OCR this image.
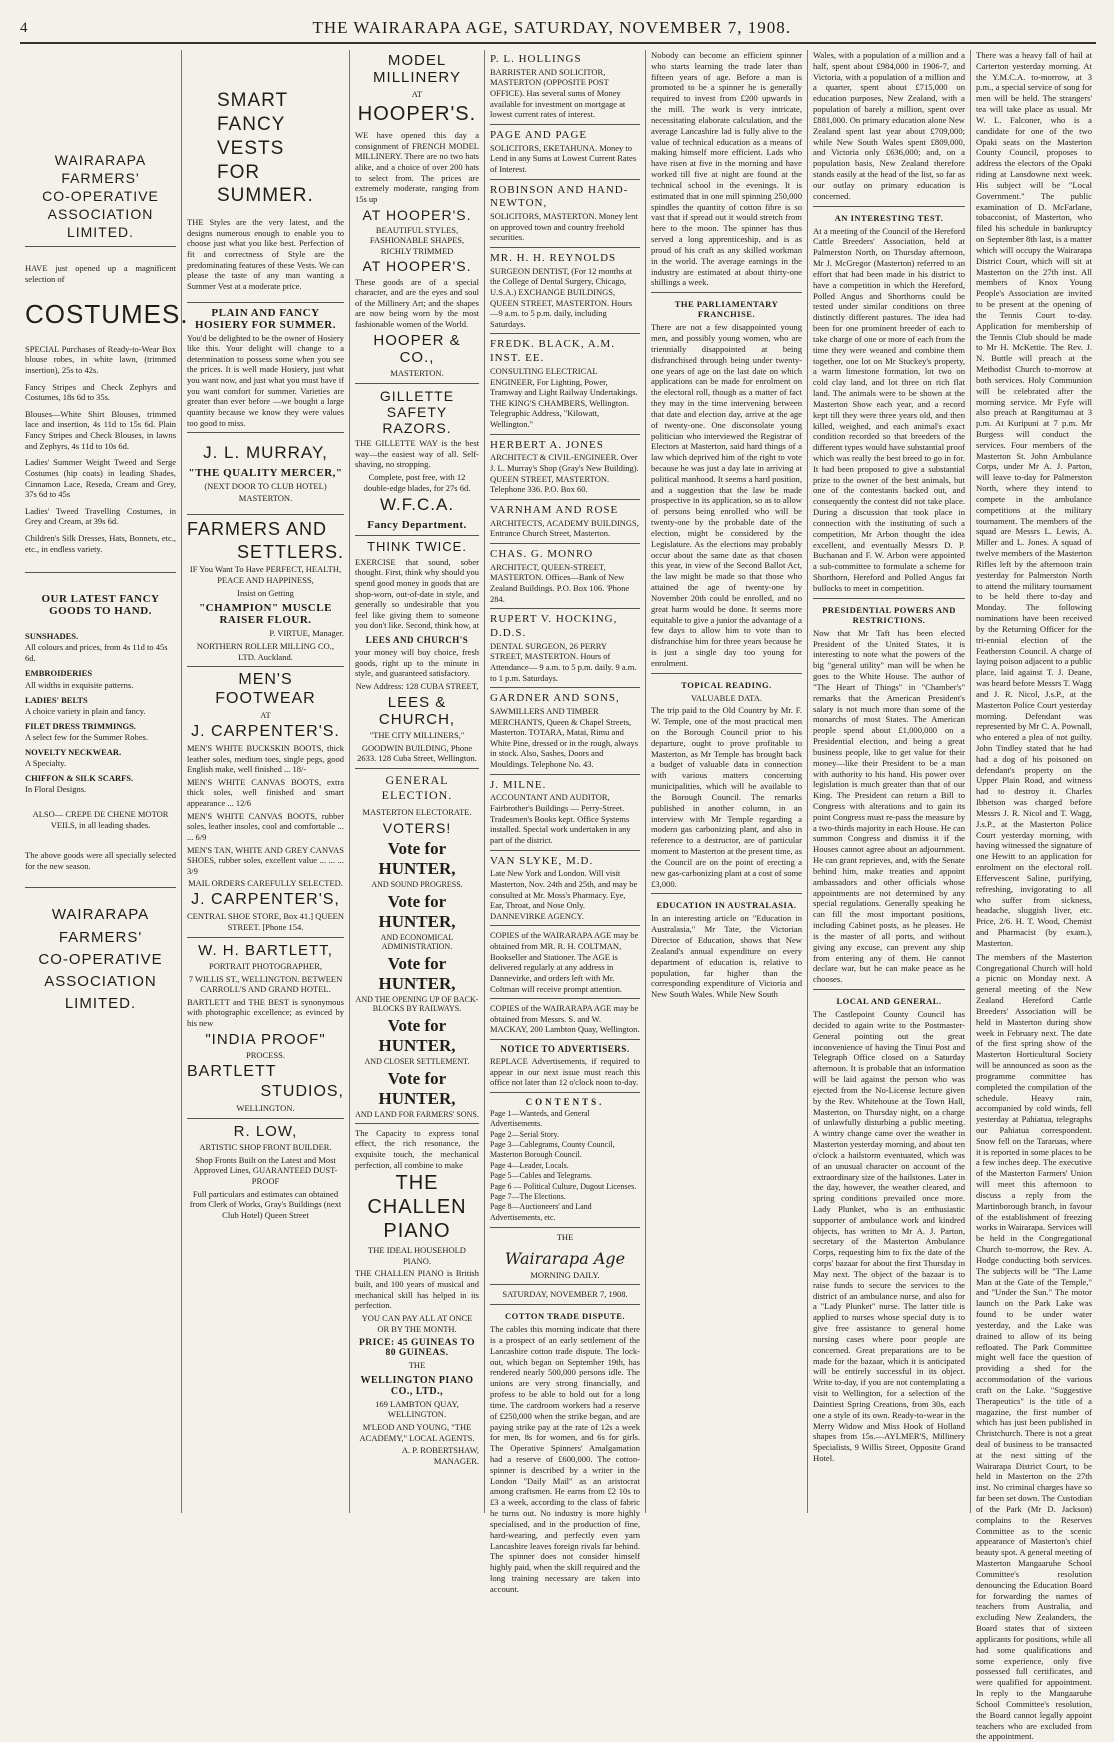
4	THE WAIRARAPA AGE, SATURDAY, NOVEMBER 7, 1908.
WAIRARAPA
FARMERS'
CO-OPERATIVE
ASSOCIATION
LIMITED.
HAVE just opened up a magnificent selection of
COSTUMES.
SPECIAL Purchases of Ready-to-Wear Box blouse robes, in white lawn, (trimmed insertion), 25s to 42s.
Fancy Stripes and Check Zephyrs and Costumes, 18s 6d to 35s.
Blouses—White Shirt Blouses, trimmed lace and insertion, 4s 11d to 15s 6d. Plain Fancy Stripes and Check Blouses, in lawns and Zephyrs, 4s 11d to 10s 6d.
Ladies' Summer Weight Tweed and Serge Costumes (hip coats) in leading Shades, Cinnamon Lace, Reseda, Cream and Grey, 37s 6d to 45s
Ladies' Tweed Travelling Costumes, in Grey and Cream, at 39s 6d.
Children's Silk Dresses, Hats, Bonnets, etc., etc., in endless variety.
OUR LATEST FANCY GOODS TO HAND.
SUNSHADES.
All colours and prices, from 4s 11d to 45s 6d.
EMBROIDERIES
All widths in exquisite patterns.
LADIES' BELTS
A choice variety in plain and fancy.
FILET DRESS TRIMMINGS.
A select few for the Summer Robes.
NOVELTY NECKWEAR.
A Specialty.
CHIFFON & SILK SCARFS.
In Floral Designs.
ALSO— CREPE DE CHENE MOTOR VEILS, in all leading shades.
The above goods were all specially selected for the new season.
WAIRARAPA
FARMERS'
CO-OPERATIVE
ASSOCIATION
LIMITED.
SMART
FANCY
VESTS
FOR
SUMMER.
THE Styles are the very latest, and the designs numerous enough to enable you to choose just what you like best. Perfection of fit and correctness of Style are the predominating features of these Vests. We can please the taste of any man wanting a Summer Vest at a moderate price.
PLAIN AND FANCY HOSIERY FOR SUMMER.
You'd be delighted to be the owner of Hosiery like this. Your delight will change to a determination to possess some when you see the prices. It is well made Hosiery, just what you want now, and just what you must have if you want comfort for summer. Varieties are greater than ever before —we bought a large quantity because we know they were values too good to miss.
J. L. MURRAY,
"THE QUALITY MERCER,"
(NEXT DOOR TO CLUB HOTEL)
MASTERTON.
FARMERS AND
SETTLERS.
IF You Want To Have PERFECT, HEALTH, PEACE AND HAPPINESS,
Insist on Getting
"CHAMPION" MUSCLE RAISER FLOUR.
P. VIRTUE, Manager.
NORTHERN ROLLER MILLING CO., LTD. Auckland.
MEN'S FOOTWEAR
AT
J. CARPENTER'S.
MEN'S WHITE BUCKSKIN BOOTS, thick leather soles, medium toes, single pegs, good English make, well finished ... 18/-
MEN'S WHITE CANVAS BOOTS, extra thick soles, well finished and smart appearance ... 12/6
MEN'S WHITE CANVAS BOOTS, rubber soles, leather insoles, cool and comfortable ... ... 6/9
MEN'S TAN, WHITE AND GREY CANVAS SHOES, rubber soles, excellent value ... ... ... 3/9
MAIL ORDERS CAREFULLY SELECTED.
J. CARPENTER'S,
CENTRAL SHOE STORE, Box 41.] QUEEN STREET. [Phone 154.
W. H. BARTLETT,
PORTRAIT PHOTOGRAPHER,
7 WILLIS ST., WELLINGTON. BETWEEN CARROLL'S AND GRAND HOTEL.
BARTLETT and THE BEST is synonymous with photographic excellence; as evinced by his new
"INDIA PROOF"
PROCESS.
BARTLETT
STUDIOS,
WELLINGTON.
R. LOW,
ARTISTIC SHOP FRONT BUILDER.
Shop Fronts Built on the Latest and Most Approved Lines, GUARANTEED DUST-PROOF
Full particulars and estimates can obtained from Clerk of Works, Gray's Buildings (next Club Hotel) Queen Street
MODEL MILLINERY
AT
HOOPER'S.
WE have opened this day a consignment of FRENCH MODEL MILLINERY. There are no two hats alike, and a choice of over 200 hats to select from. The prices are extremely moderate, ranging from 15s up
AT HOOPER'S.
BEAUTIFUL STYLES, FASHIONABLE SHAPES, RICHLY TRIMMED
AT HOOPER'S.
These goods are of a special character, and are the eyes and soul of the Millinery Art; and the shapes are now being worn by the most fashionable women of the World.
HOOPER & CO.,
MASTERTON.
GILLETTE SAFETY RAZORS.
THE GILLETTE WAY is the best way—the easiest way of all. Self-shaving, no stropping.
Complete, post free, with 12 double-edge blades, for 27s 6d.
W.F.C.A.
Fancy Department.
THINK TWICE.
EXERCISE that sound, sober thought. First, think why should you spend good money in goods that are shop-worn, out-of-date in style, and generally so undesirable that you feel like giving them to someone you don't like. Second, think how, at
LEES AND CHURCH'S
your money will buy choice, fresh goods, right up to the minute in style, and guaranteed satisfactory.
New Address: 128 CUBA STREET,
LEES & CHURCH,
"THE CITY MILLINERS,"
GOODWIN BUILDING, Phone 2633. 128 Cuba Street, Wellington.
GENERAL ELECTION.
MASTERTON ELECTORATE.
VOTERS!
Vote for HUNTER,
AND SOUND PROGRESS.
Vote for HUNTER,
AND ECONOMICAL ADMINISTRATION.
Vote for HUNTER,
AND THE OPENING UP OF BACK-BLOCKS BY RAILWAYS.
Vote for HUNTER,
AND CLOSER SETTLEMENT.
Vote for HUNTER,
AND LAND FOR FARMERS' SONS.
The Capacity to express tonal effect, the rich resonance, the exquisite touch, the mechanical perfection, all combine to make
THE
CHALLEN
PIANO
THE IDEAL HOUSEHOLD PIANO.
THE CHALLEN PIANO is British built, and 100 years of musical and mechanical skill has helped in its perfection.
YOU CAN PAY ALL AT ONCE OR BY THE MONTH.
PRICE: 45 GUINEAS TO 80 GUINEAS.
THE
WELLINGTON PIANO CO., LTD.,
169 LAMBTON QUAY, WELLINGTON.
M'LEOD AND YOUNG, "THE ACADEMY," LOCAL AGENTS.
A. P. ROBERTSHAW, MANAGER.
P. L. HOLLINGS
BARRISTER AND SOLICITOR, MASTERTON (OPPOSITE POST OFFICE). Has several sums of Money available for investment on mortgage at lowest current rates of interest.
PAGE AND PAGE
SOLICITORS, EKETAHUNA. Money to Lend in any Sums at Lowest Current Rates of Interest.
ROBINSON AND HAND-NEWTON,
SOLICITORS, MASTERTON. Money lent on approved town and country freehold securities.
MR. H. H. REYNOLDS
SURGEON DENTIST, (For 12 months at the College of Dental Surgery, Chicago, U.S.A.) EXCHANGE BUILDINGS, QUEEN STREET, MASTERTON. Hours—9 a.m. to 5 p.m. daily, including Saturdays.
FREDK. BLACK, A.M. INST. EE.
CONSULTING ELECTRICAL ENGINEER, For Lighting, Power, Tramway and Light Railway Undertakings. THE KING'S CHAMBERS, Wellington. Telegraphic Address, "Kilowatt, Wellington."
HERBERT A. JONES
ARCHITECT & CIVIL-ENGINEER. Over J. L. Murray's Shop (Gray's New Building). QUEEN STREET, MASTERTON. Telephone 336. P.O. Box 60.
VARNHAM AND ROSE
ARCHITECTS, ACADEMY BUILDINGS, Entrance Church Street, Masterton.
CHAS. G. MONRO
ARCHITECT, QUEEN-STREET, MASTERTON. Offices—Bank of New Zealand Buildings. P.O. Box 106. 'Phone 284.
RUPERT V. HOCKING, D.D.S.
DENTAL SURGEON, 26 PERRY STREET, MASTERTON. Hours of Attendance— 9 a.m. to 5 p.m. daily. 9 a.m. to 1 p.m. Saturdays.
GARDNER AND SONS,
SAWMILLERS AND TIMBER MERCHANTS, Queen & Chapel Streets, Masterton. TOTARA, Matai, Rimu and White Pine, dressed or in the rough, always in stock. Also, Sashes, Doors and Mouldings. Telephone No. 43.
J. MILNE.
ACCOUNTANT AND AUDITOR, Fairbrother's Buildings — Perry-Street. Tradesmen's Books kept. Office Systems installed. Special work undertaken in any part of the district.
VAN SLYKE, M.D.
Late New York and London. Will visit Masterton, Nov. 24th and 25th, and may be consulted at Mr. Moss's Pharmacy. Eye, Ear, Throat, and Nose Only. DANNEVIRKE AGENCY.
COPIES of the WAIRARAPA AGE may be obtained from MR. R. H. COLTMAN, Bookseller and Stationer. The AGE is delivered regularly at any address in Dannevirke, and orders left with Mr. Coltman will receive prompt attention.
COPIES of the WAIRARAPA AGE may be obtained from Messrs. S. and W. MACKAY, 200 Lambton Quay, Wellington.
NOTICE TO ADVERTISERS.
REPLACE Advertisements, if required to appear in our next issue must reach this office not later than 12 o'clock noon to-day.
CONTENTS.
Page 1—Wanteds, and General Advertisements.
Page 2—Serial Story.
Page 3—Cablegrams, County Council, Masterton Borough Council.
Page 4—Leader, Locals.
Page 5—Cables and Telegrams.
Page 6 — Political Culture, Dugout Licenses.
Page 7—The Elections.
Page 8—Auctioneers' and Land Advertisements, etc.
THE
Wairarapa Age
MORNING DAILY.
SATURDAY, NOVEMBER 7, 1908.
COTTON TRADE DISPUTE.
The cables this morning indicate that there is a prospect of an early settlement of the Lancashire cotton trade dispute. The lock-out, which began on September 19th, has rendered nearly 500,000 persons idle. The unions are very strong financially, and profess to be able to hold out for a long time. The cardroom workers had a reserve of £250,000 when the strike began, and are paying strike pay at the rate of 12s a week for men, 8s for women, and 6s for girls. The Operative Spinners' Amalgamation had a reserve of £600,000. The cotton-spinner is described by a writer in the London "Daily Mail" as an aristocrat among craftsmen. He earns from £2 10s to £3 a week, according to the class of fabric he turns out. No industry is more highly specialised, and in the production of fine, hard-wearing, and perfectly even yarn Lancashire leaves foreign rivals far behind. The spinner does not consider himself highly paid, when the skill required and the long training necessary are taken into account.
Nobody can become an efficient spinner who starts learning the trade later than fifteen years of age. Before a man is promoted to be a spinner he is generally required to invest from £200 upwards in the mill. The work is very intricate, necessitating elaborate calculation, and the average Lancashire lad is fully alive to the value of technical education as a means of making himself more efficient. Lads who have risen at five in the morning and have worked till five at night are found at the technical school in the evenings. It is estimated that in one mill spinning 250,000 spindles the quantity of cotton fibre is so vast that if spread out it would stretch from here to the moon. The spinner has thus served a long apprenticeship, and is as proud of his craft as any skilled workman in the world. The average earnings in the industry are estimated at about thirty-one shillings a week.
THE PARLIAMENTARY FRANCHISE.
There are not a few disappointed young men, and possibly young women, who are triennially disappointed at being disfranchised through being under twenty-one years of age on the last date on which applications can be made for enrolment on the electoral roll, though as a matter of fact they may in the time intervening between that date and election day, arrive at the age of twenty-one. One disconsolate young politician who interviewed the Registrar of Electors at Masterton, said hard things of a law which deprived him of the right to vote because he was just a day late in arriving at political manhood. It seems a hard position, and a suggestion that the law be made prospective in its application, so as to allow of persons being enrolled who will be twenty-one by the probable date of the election, might be considered by the Legislature. As the elections may probably occur about the same date as that chosen this year, in view of the Second Ballot Act, the law might be made so that those who attained the age of twenty-one by November 20th could be enrolled, and no great harm would be done. It seems more equitable to give a junior the advantage of a few days to allow him to vote than to disfranchise him for three years because he is just a single day too young for enrolment.
TOPICAL READING.
VALUABLE DATA.
The trip paid to the Old Country by Mr. F. W. Temple, one of the most practical men on the Borough Council prior to his departure, ought to prove profitable to Masterton, as Mr Temple has brought back a budget of valuable data in connection with various matters concerning municipalities, which will be available to the Borough Council. The remarks published in another column, in an interview with Mr Temple regarding a modern gas carbonizing plant, and also in reference to a destructor, are of particular moment to Masterton at the present time, as the Council are on the point of erecting a new gas-carbonizing plant at a cost of some £3,000.
EDUCATION IN AUSTRALASIA.
In an interesting article on "Education in Australasia," Mr Tate, the Victorian Director of Education, shows that New Zealand's annual expenditure on every department of education is, relative to population, far higher than the corresponding expenditure of Victoria and New South Wales. While New South
Wales, with a population of a million and a half, spent about £984,000 in 1906-7, and Victoria, with a population of a million and a quarter, spent about £715,000 on education purposes, New Zealand, with a population of barely a million, spent over £881,000. On primary education alone New Zealand spent last year about £709,000; while New South Wales spent £809,000, and Victoria only £636,000; and, on a population basis, New Zealand therefore stands easily at the head of the list, so far as our outlay on primary education is concerned.
AN INTERESTING TEST.
At a meeting of the Council of the Hereford Cattle Breeders' Association, held at Palmerston North, on Thursday afternoon, Mr J. McGregor (Masterton) referred to an effort that had been made in his district to have a competition in which the Hereford, Polled Angus and Shorthorns could be tested under similar conditions on three distinctly different pastures. The idea had been for one prominent breeder of each to take charge of one or more of each from the time they were weaned and combine them together, one lot on Mr Stuckey's property, a warm limestone formation, lot two on cold clay land, and lot three on rich flat land. The animals were to be shown at the Masterton Show each year, and a record kept till they were three years old, and then killed, weighed, and each animal's exact condition recorded so that breeders of the different types would have substantial proof which was really the best breed to go in for. It had been proposed to give a substantial prize to the owner of the best animals, but one of the contestants backed out, and consequently the contest did not take place. During a discussion that took place in connection with the instituting of such a competition, Mr Arbon thought the idea excellent, and eventually Messrs D. P. Buchanan and F. W. Arbon were appointed a sub-committee to formulate a scheme for Shorthorn, Hereford and Polled Angus fat bullocks to meet in competition.
PRESIDENTIAL POWERS AND RESTRICTIONS.
Now that Mr Taft has been elected President of the United States, it is interesting to note what the powers of the big "general utility" man will be when he goes to the White House. The author of "The Heart of Things" in "Chamber's" remarks that the American President's salary is not much more than some of the monarchs of most States. The American people spend about £1,000,000 on a Presidential election, and being a great business people, like to get value for their money—like their President to be a man with authority to his hand. His power over legislation is much greater than that of our King. The President can return a Bill to Congress with alterations and to gain its point Congress must re-pass the measure by a two-thirds majority in each House. He can summon Congress and dismiss it if the Houses cannot agree about an adjournment. He can grant reprieves, and, with the Senate behind him, make treaties and appoint ambassadors and other officials whose appointments are not determined by any special regulations. Generally speaking he can fill the most important positions, including Cabinet posts, as he pleases. He is the master of all ports, and without giving any excuse, can prevent any ship from entering any of them. He cannot declare war, but he can make peace as he chooses.
LOCAL AND GENERAL.
The Castlepoint County Council has decided to again write to the Postmaster-General pointing out the great inconvenience of having the Tinui Post and Telegraph Office closed on a Saturday afternoon. It is probable that an information will be laid against the person who was ejected from the No-License lecture given by the Rev. Whitehouse at the Town Hall, Masterton, on Thursday night, on a charge of unlawfully disturbing a public meeting. A wintry change came over the weather in Masterton yesterday morning, and about ten o'clock a hailstorm eventuated, which was of an unusual character on account of the extraordinary size of the hailstones. Later in the day, however, the weather cleared, and spring conditions prevailed once more. Lady Plunket, who is an enthusiastic supporter of ambulance work and kindred objects, has written to Mr A. J. Parton, secretary of the Masterton Ambulance Corps, requesting him to fix the date of the corps' bazaar for about the first Thursday in May next. The object of the bazaar is to raise funds to secure the services to the district of an ambulance nurse, and also for a "Lady Plunket" nurse. The latter title is applied to nurses whose special duty is to give free assistance to general home nursing cases where poor people are concerned. Great preparations are to be made for the bazaar, which it is anticipated will be entirely successful in its object. Write to-day, if you are not contemplating a visit to Wellington, for a selection of the Daintiest Spring Creations, from 30s, each one a style of its own. Ready-to-wear in the Merry Widow and Miss Hook of Holland shapes from 15s.—AYLMER'S, Millinery Specialists, 9 Willis Street, Opposite Grand Hotel.
There was a heavy fall of hail at Carterton yesterday morning. At the Y.M.C.A. to-morrow, at 3 p.m., a special service of song for men will be held. The strangers' tea will take place as usual. Mr W. L. Falconer, who is a candidate for one of the two Opaki seats on the Masterton County Council, proposes to address the electors of the Opaki riding at Lansdowne next week. His subject will be "Local Government." The public examination of D. McFarlane, tobacconist, of Masterton, who filed his schedule in bankruptcy on September 8th last, is a matter which will occupy the Wairarapa District Court, which will sit at Masterton on the 27th inst. All members of Knox Young People's Association are invited to be present at the opening of the Tennis Court to-day. Application for membership of the Tennis Club should be made to Mr H. McKettie. The Rev. J. N. Buttle will preach at the Methodist Church to-morrow at both services. Holy Communion will be celebrated after the morning service. Mr Fyfe will also preach at Rangitumau at 3 p.m. At Kuripuni at 7 p.m. Mr Burgess will conduct the services. Four members of the Masterton St. John Ambulance Corps, under Mr A. J. Parton, will leave to-day for Palmerston North, where they intend to compete in the ambulance competitions at the military tournament. The members of the squad are Messrs L. Lewis, A. Miller and L. Jones. A squad of twelve members of the Masterton Rifles left by the afternoon train yesterday for Palmerston North to attend the military tournament to be held there to-day and Monday. The following nominations have been received by the Returning Officer for the tri-ennial election of the Featherston Council. A charge of laying poison adjacent to a public place, laid against T. J. Deane, was heard before Messrs T. Wagg and J. R. Nicol, J.s.P., at the Masterton Police Court yesterday morning. Defendant was represented by Mr C. A. Pownall, who entered a plea of not guilty. John Tindley stated that he had had a dog of his poisoned on defendant's property on the Upper Plain Road, and witness had to destroy it. Charles Ibbetson was charged before Messrs J. R. Nicol and T. Wagg, J.s.P., at the Masterton Police Court yesterday morning, with having witnessed the signature of one Hewitt to an application for enrolment on the electoral roll. Effervescent Saline, purifying, refreshing, invigorating to all who suffer from sickness, headache, sluggish liver, etc. Price, 2/6. H. T. Wood, Chemist and Pharmacist (by exam.), Masterton.
The members of the Masterton Congregational Church will hold a picnic on Monday next. A general meeting of the New Zealand Hereford Cattle Breeders' Association will be held in Masterton during show week in February next. The date of the first spring show of the Masterton Horticultural Society will be announced as soon as the programme committee has completed the compilation of the schedule. Heavy rain, accompanied by cold winds, fell yesterday at Pahiatua, telegraphs our Pahiatua correspondent. Snow fell on the Tararuas, where it is reported in some places to be a few inches deep. The executive of the Masterton Farmers' Union will meet this afternoon to discuss a reply from the Martinborough branch, in favour of the establishment of freezing works in Wairarapa. Services will be held in the Congregational Church to-morrow, the Rev. A. Hodge conducting both services. The subjects will be "The Lame Man at the Gate of the Temple," and "Under the Sun." The motor launch on the Park Lake was found to be under water yesterday, and the Lake was drained to allow of its being refloated. The Park Committee might well face the question of providing a shed for the accommodation of the various craft on the Lake. "Suggestive Therapeutics" is the title of a magazine, the first number of which has just been published in Christchurch. There is not a great deal of business to be transacted at the next sitting of the Wairarapa District Court, to be held in Masterton on the 27th inst. No criminal charges have so far been set down. The Custodian of the Park (Mr D. Jackson) complains to the Reserves Committee as to the scenic appearance of Masterton's chief beauty spot. A general meeting of Masterton Mangaaruhe School Committee's resolution denouncing the Education Board for forwarding the names of teachers from Australia, and excluding New Zealanders, the Board states that of sixteen applicants for positions, while all had some qualifications and some experience, only five possessed full certificates, and were qualified for appointment. In reply to the Mangaaruhe School Committee's resolution, the Board cannot legally appoint teachers who are excluded from the appointment.
